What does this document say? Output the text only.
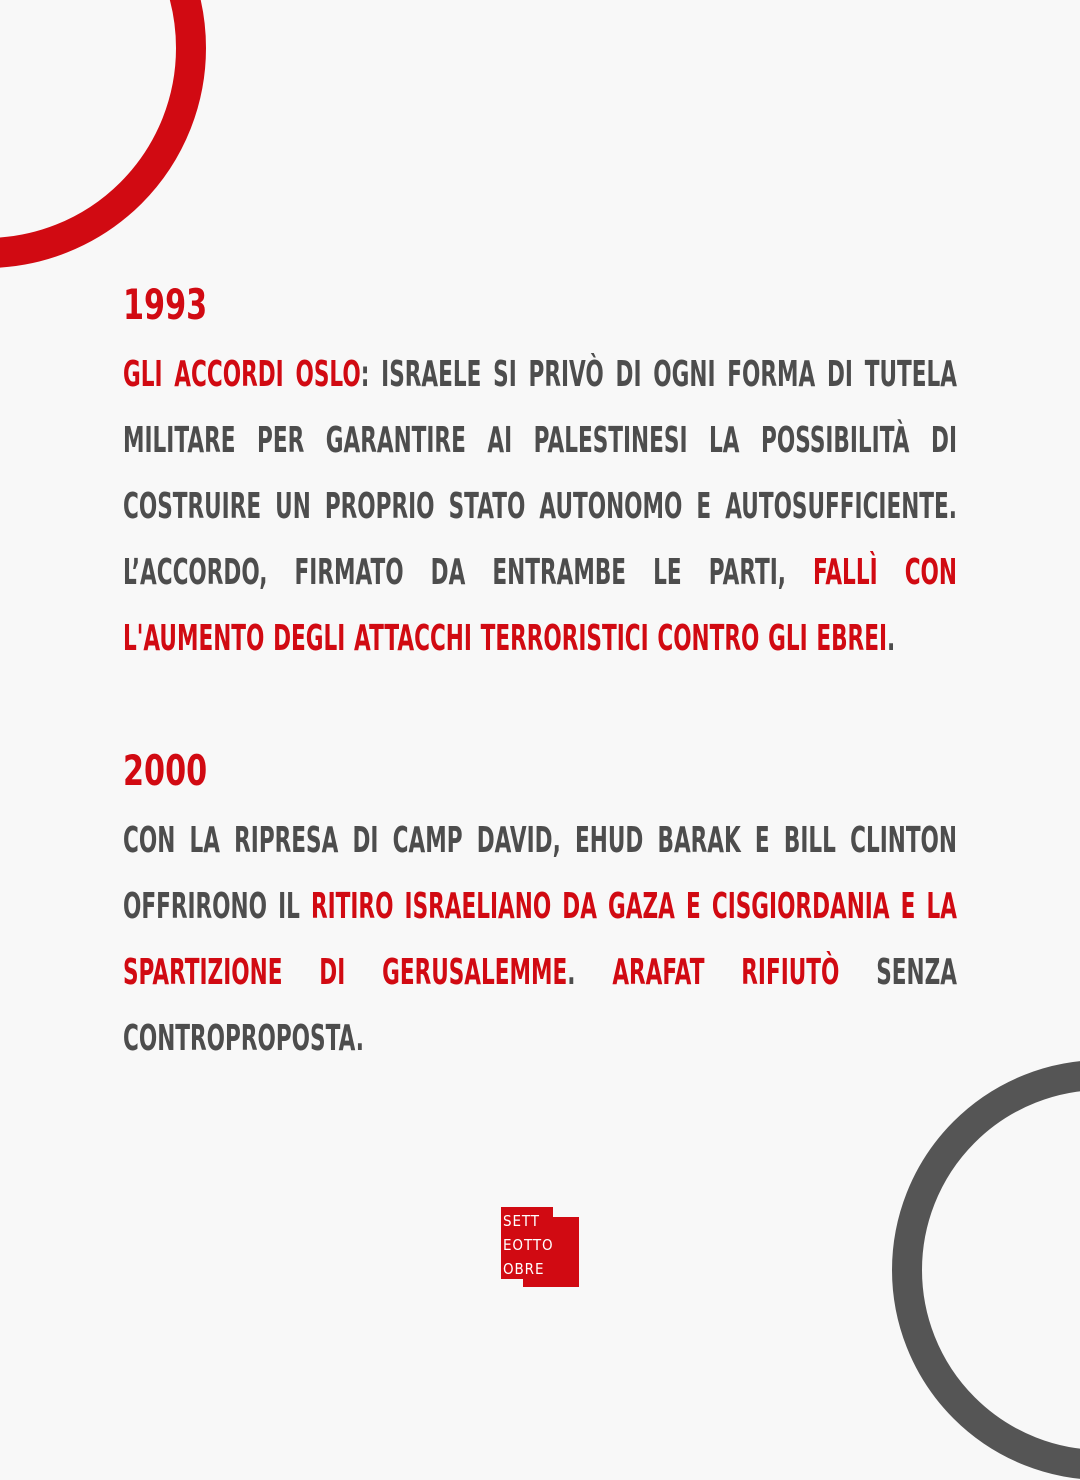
1993
GLI ACCORDI OSLO: ISRAELE SI PRIVÒ DI OGNI FORMA DI TUTELA MILITARE PER GARANTIRE AI PALESTINESI LA POSSIBILITÀ DI COSTRUIRE UN PROPRIO STATO AUTONOMO E AUTOSUFFICIENTE. L’ACCORDO, FIRMATO DA ENTRAMBE LE PARTI, FALLÌ CON L'AUMENTO DEGLI ATTACCHI TERRORISTICI CONTRO GLI EBREI.
2000
CON LA RIPRESA DI CAMP DAVID, EHUD BARAK E BILL CLINTON OFFRIRONO IL RITIRO ISRAELIANO DA GAZA E CISGIORDANIA E LA SPARTIZIONE DI GERUSALEMME. ARAFAT RIFIUTÒ SENZA CONTROPROPOSTA.
SETT
EOTTO
OBRE
